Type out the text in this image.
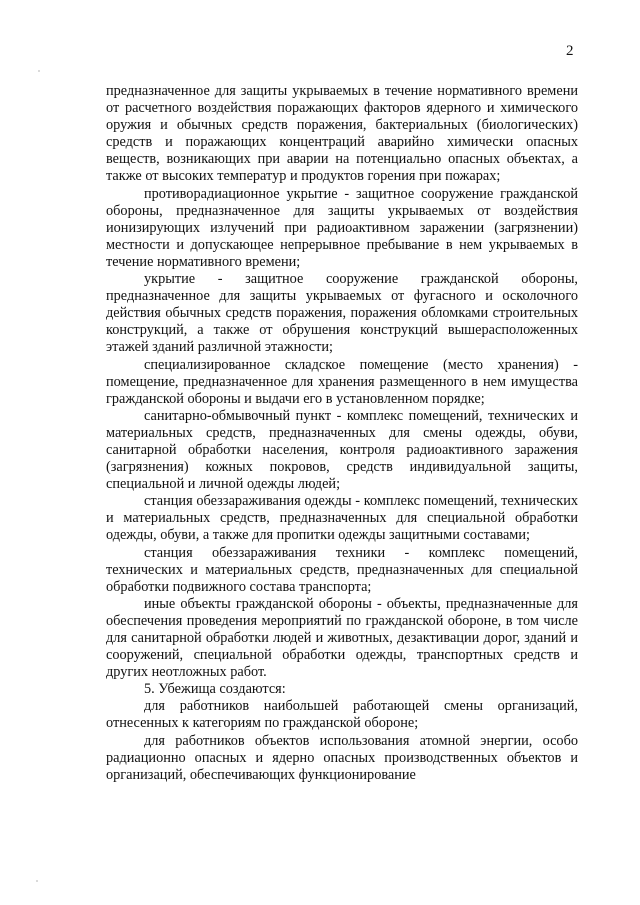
2

предназначенное для защиты укрываемых в течение нормативного времени от расчетного воздействия поражающих факторов ядерного и химического оружия и обычных средств поражения, бактериальных (биологических) средств и поражающих концентраций аварийно химически опасных веществ, возникающих при аварии на потенциально опасных объектах, а также от высоких температур и продуктов горения при пожарах;

противорадиационное укрытие - защитное сооружение гражданской обороны, предназначенное для защиты укрываемых от воздействия ионизирующих излучений при радиоактивном заражении (загрязнении) местности и допускающее непрерывное пребывание в нем укрываемых в течение нормативного времени;

укрытие - защитное сооружение гражданской обороны, предназначенное для защиты укрываемых от фугасного и осколочного действия обычных средств поражения, поражения обломками строительных конструкций, а также от обрушения конструкций вышерасположенных этажей зданий различной этажности;

специализированное складское помещение (место хранения) - помещение, предназначенное для хранения размещенного в нем имущества гражданской обороны и выдачи его в установленном порядке;

санитарно-обмывочный пункт - комплекс помещений, технических и материальных средств, предназначенных для смены одежды, обуви, санитарной обработки населения, контроля радиоактивного заражения (загрязнения) кожных покровов, средств индивидуальной защиты, специальной и личной одежды людей;

станция обеззараживания одежды - комплекс помещений, технических и материальных средств, предназначенных для специальной обработки одежды, обуви, а также для пропитки одежды защитными составами;

станция обеззараживания техники - комплекс помещений, технических и материальных средств, предназначенных для специальной обработки подвижного состава транспорта;

иные объекты гражданской обороны - объекты, предназначенные для обеспечения проведения мероприятий по гражданской обороне, в том числе для санитарной обработки людей и животных, дезактивации дорог, зданий и сооружений, специальной обработки одежды, транспортных средств и других неотложных работ.

5. Убежища создаются:

для работников наибольшей работающей смены организаций, отнесенных к категориям по гражданской обороне;

для работников объектов использования атомной энергии, особо радиационно опасных и ядерно опасных производственных объектов и организаций, обеспечивающих функционирование
